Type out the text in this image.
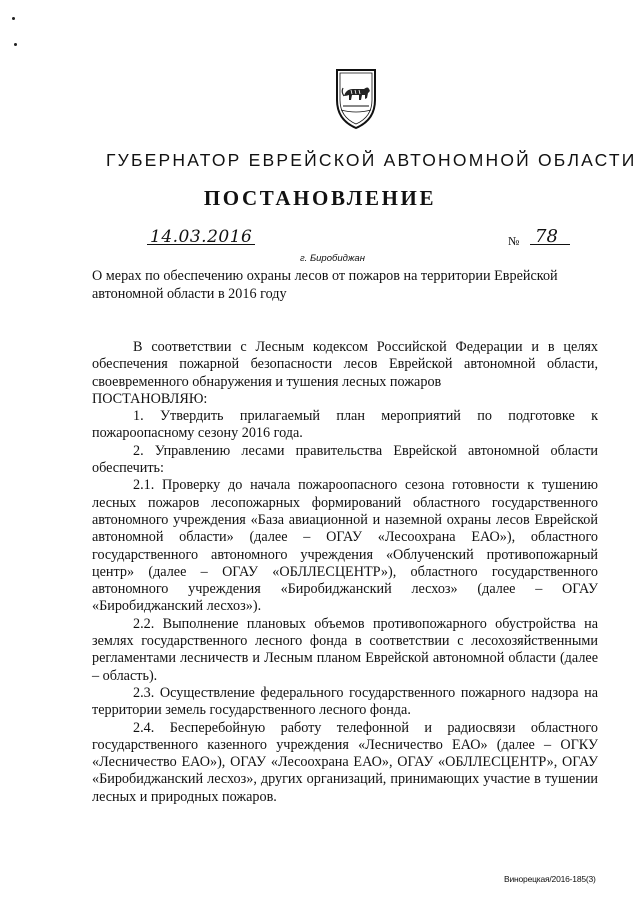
ГУБЕРНАТОР ЕВРЕЙСКОЙ АВТОНОМНОЙ ОБЛАСТИ
ПОСТАНОВЛЕНИЕ
14.03.2016	№ 78
г. Биробиджан
О мерах по обеспечению охраны лесов от пожаров на территории Еврейской автономной области в 2016 году

В соответствии с Лесным кодексом Российской Федерации и в целях обеспечения пожарной безопасности лесов Еврейской автономной области, своевременного обнаружения и тушения лесных пожаров

ПОСТАНОВЛЯЮ:

1. Утвердить прилагаемый план мероприятий по подготовке к пожароопасному сезону 2016 года.

2. Управлению лесами правительства Еврейской автономной области обеспечить:

2.1. Проверку до начала пожароопасного сезона готовности к тушению лесных пожаров лесопожарных формирований областного государственного автономного учреждения «База авиационной и наземной охраны лесов Еврейской автономной области» (далее – ОГАУ «Лесоохрана ЕАО»), областного государственного автономного учреждения «Облученский противопожарный центр» (далее – ОГАУ «ОБЛЛЕСЦЕНТР»), областного государственного автономного учреждения «Биробиджанский лесхоз» (далее – ОГАУ «Биробиджанский лесхоз»).

2.2. Выполнение плановых объемов противопожарного обустройства на землях государственного лесного фонда в соответствии с лесохозяйственными регламентами лесничеств и Лесным планом Еврейской автономной области (далее – область).

2.3. Осуществление федерального государственного пожарного надзора на территории земель государственного лесного фонда.

2.4. Бесперебойную работу телефонной и радиосвязи областного государственного казенного учреждения «Лесничество ЕАО» (далее – ОГКУ «Лесничество ЕАО»), ОГАУ «Лесоохрана ЕАО», ОГАУ «ОБЛЛЕСЦЕНТР», ОГАУ «Биробиджанский лесхоз», других организаций, принимающих участие в тушении лесных и природных пожаров.

Винорецкая/2016-185(3)
